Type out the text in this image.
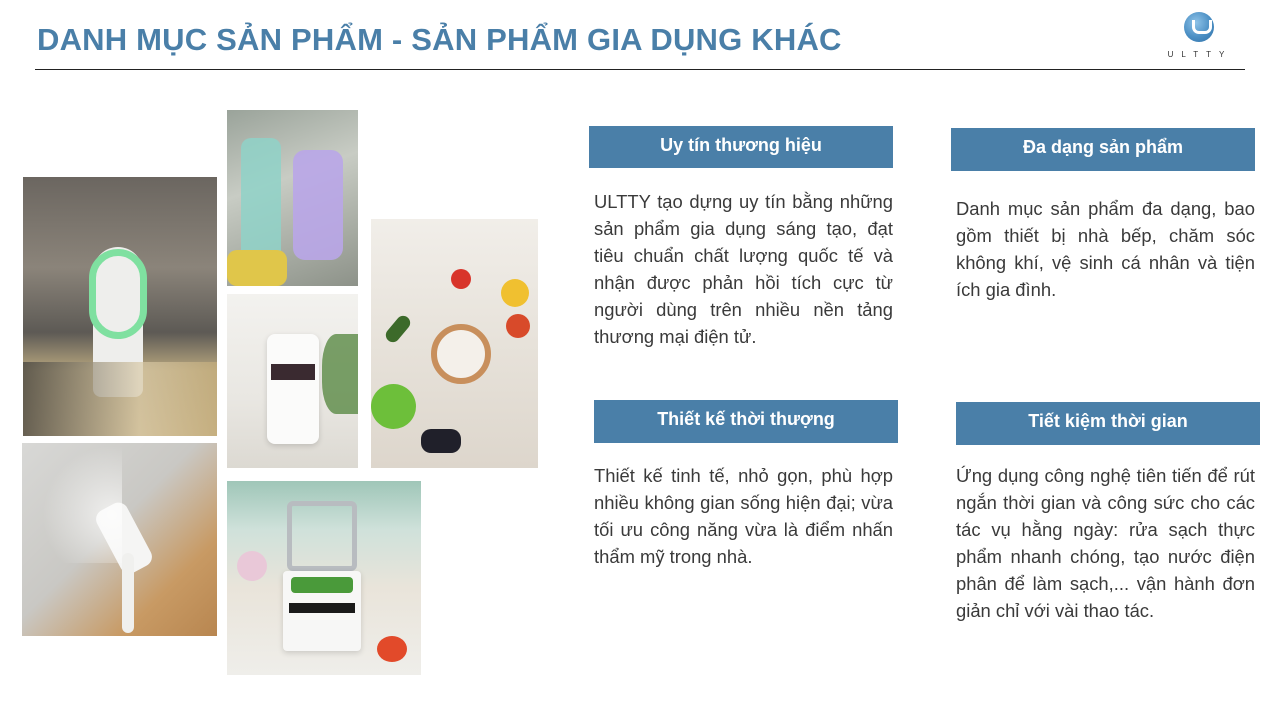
DANH MỤC SẢN PHẨM - SẢN PHẨM GIA DỤNG KHÁC	ULTTY
Uy tín thương hiệu
ULTTY tạo dựng uy tín bằng những sản phẩm gia dụng sáng tạo, đạt tiêu chuẩn chất lượng quốc tế và nhận được phản hồi tích cực từ người dùng trên nhiều nền tảng thương mại điện tử.
Đa dạng sản phẩm
Danh mục sản phẩm đa dạng, bao gồm thiết bị nhà bếp, chăm sóc không khí, vệ sinh cá nhân và tiện ích gia đình.
Thiết kế thời thượng
Thiết kế tinh tế, nhỏ gọn, phù hợp nhiều không gian sống hiện đại; vừa tối ưu công năng vừa là điểm nhấn thẩm mỹ trong nhà.
Tiết kiệm thời gian
Ứng dụng công nghệ tiên tiến để rút ngắn thời gian và công sức cho các tác vụ hằng ngày: rửa sạch thực phẩm nhanh chóng, tạo nước điện phân để làm sạch,... vận hành đơn giản chỉ với vài thao tác.
